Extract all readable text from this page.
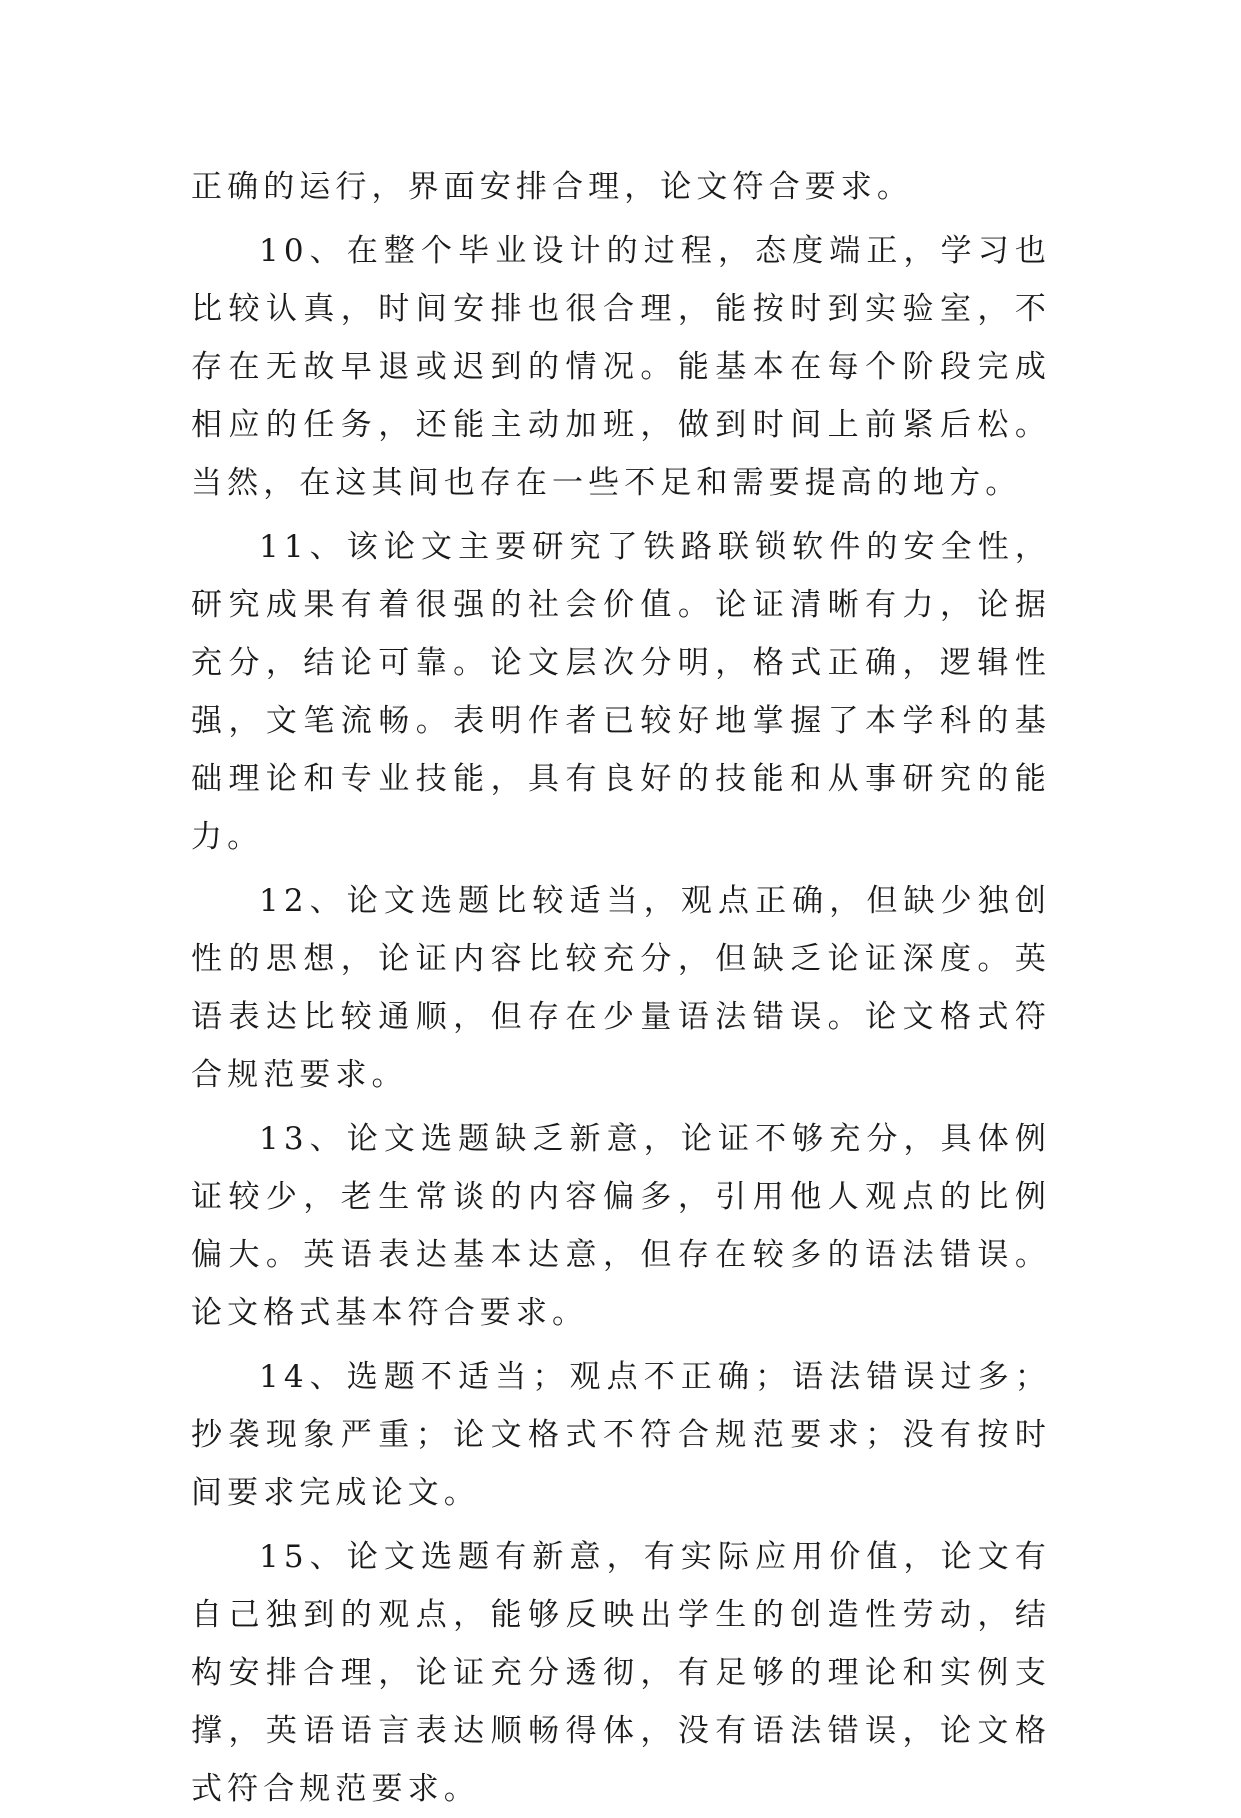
正确的运行，界面安排合理，论文符合要求。

10、在整个毕业设计的过程，态度端正，学习也比较认真，时间安排也很合理，能按时到实验室，不存在无故早退或迟到的情况。能基本在每个阶段完成相应的任务，还能主动加班，做到时间上前紧后松。当然，在这其间也存在一些不足和需要提高的地方。

11、该论文主要研究了铁路联锁软件的安全性，研究成果有着很强的社会价值。论证清晰有力，论据充分，结论可靠。论文层次分明，格式正确，逻辑性强，文笔流畅。表明作者已较好地掌握了本学科的基础理论和专业技能，具有良好的技能和从事研究的能力。

12、论文选题比较适当，观点正确，但缺少独创性的思想，论证内容比较充分，但缺乏论证深度。英语表达比较通顺，但存在少量语法错误。论文格式符合规范要求。

13、论文选题缺乏新意，论证不够充分，具体例证较少，老生常谈的内容偏多，引用他人观点的比例偏大。英语表达基本达意，但存在较多的语法错误。论文格式基本符合要求。

14、选题不适当；观点不正确；语法错误过多；抄袭现象严重；论文格式不符合规范要求；没有按时间要求完成论文。

15、论文选题有新意，有实际应用价值，论文有自己独到的观点，能够反映出学生的创造性劳动，结构安排合理，论证充分透彻，有足够的理论和实例支撑，英语语言表达顺畅得体，没有语法错误，论文格式符合规范要求。
